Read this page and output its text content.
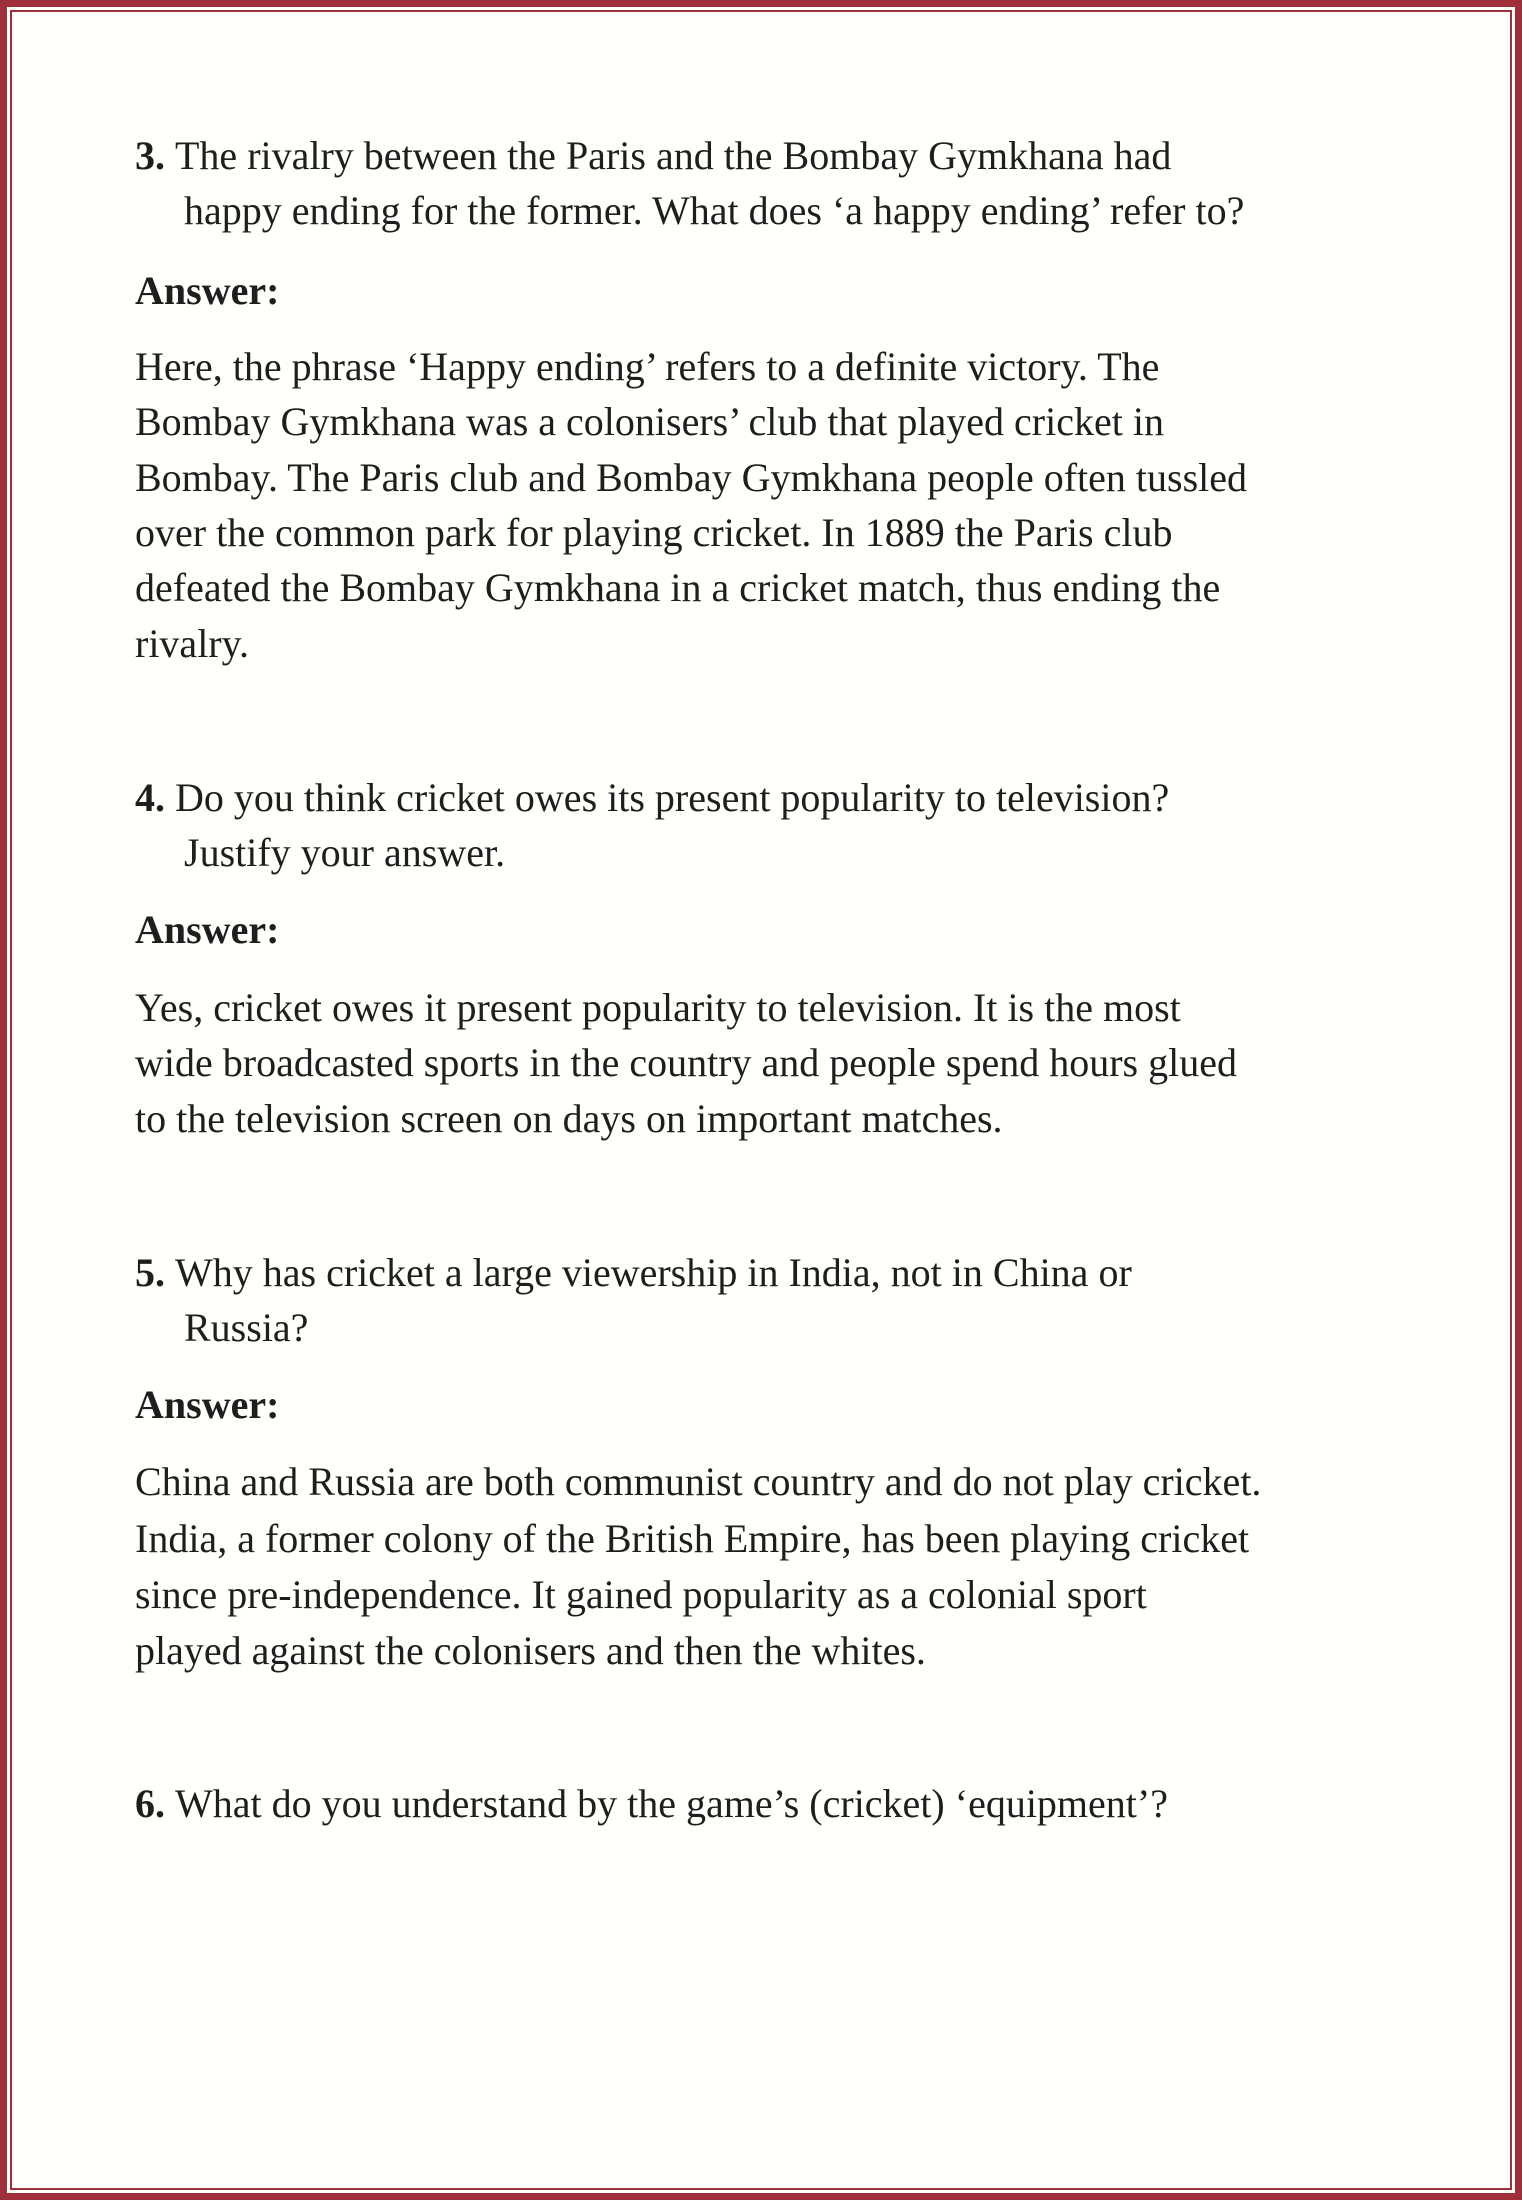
3. The rivalry between the Paris and the Bombay Gymkhana had
happy ending for the former. What does ‘a happy ending’ refer to?
Answer:
Here, the phrase ‘Happy ending’ refers to a definite victory. The
Bombay Gymkhana was a colonisers’ club that played cricket in
Bombay. The Paris club and Bombay Gymkhana people often tussled
over the common park for playing cricket. In 1889 the Paris club
defeated the Bombay Gymkhana in a cricket match, thus ending the
rivalry.
4. Do you think cricket owes its present popularity to television?
Justify your answer.
Answer:
Yes, cricket owes it present popularity to television. It is the most
wide broadcasted sports in the country and people spend hours glued
to the television screen on days on important matches.
5. Why has cricket a large viewership in India, not in China or
Russia?
Answer:
China and Russia are both communist country and do not play cricket.
India, a former colony of the British Empire, has been playing cricket
since pre-independence. It gained popularity as a colonial sport
played against the colonisers and then the whites.
6. What do you understand by the game’s (cricket) ‘equipment’?
